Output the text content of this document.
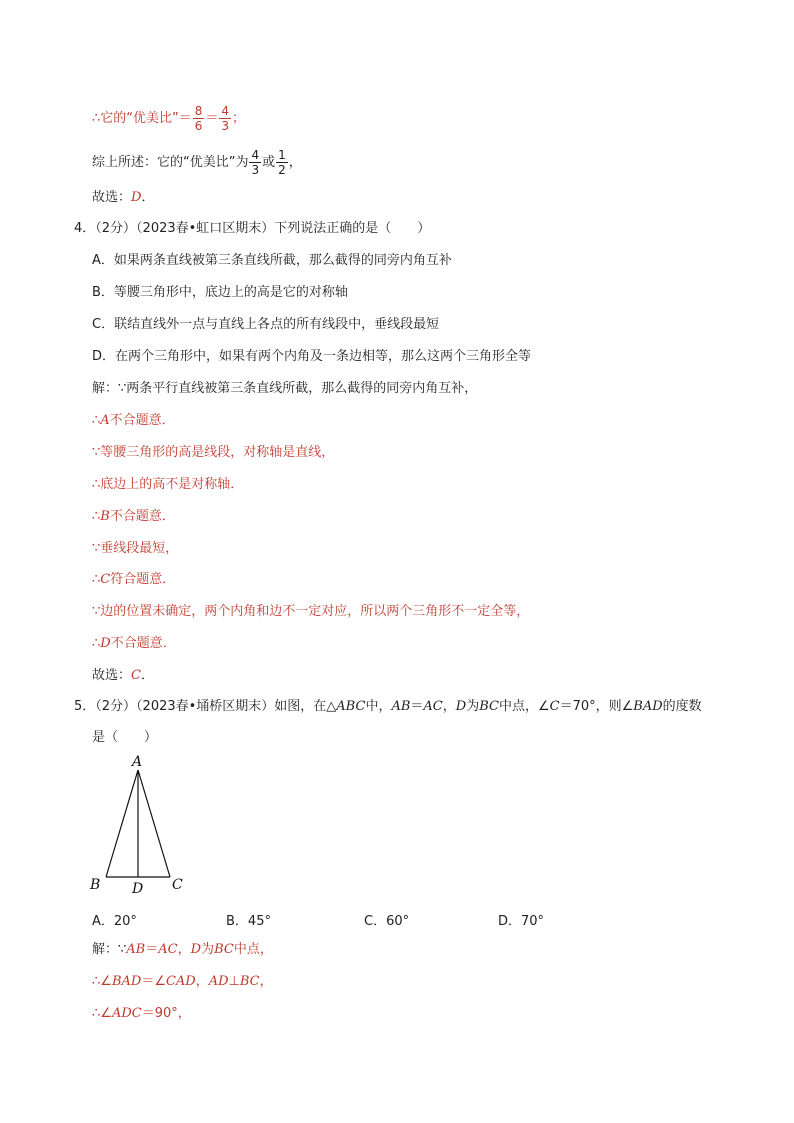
∴它的“优美比”＝ $\frac{8}{6} = \frac{4}{3}$ ；
综上所述：它的“优美比”为 $\frac{4}{3}$ 或 $\frac{1}{2}$ ，
故选：D．
4．（2分）（2023春•虹口区期末）下列说法正确的是（　　）
A．如果两条直线被第三条直线所截，那么截得的同旁内角互补
B．等腰三角形中，底边上的高是它的对称轴
C．联结直线外一点与直线上各点的所有线段中，垂线段最短
D．在两个三角形中，如果有两个内角及一条边相等，那么这两个三角形全等
解：∵两条平行直线被第三条直线所截，那么截得的同旁内角互补，
∴A不合题意．
∵等腰三角形的高是线段，对称轴是直线，
∴底边上的高不是对称轴．
∴B不合题意．
∵垂线段最短，
∴C符合题意．
∵边的位置未确定，两个内角和边不一定对应，所以两个三角形不一定全等，
∴D不合题意．
故选：C．
5．（2分）（2023春•埇桥区期末）如图，在△ABC中，AB＝AC，D为BC中点，∠C＝70°，则∠BAD的度数
是（　　）
A
B D C
A．20°	B．45°	C．60°	D．70°
解：∵AB＝AC，D为BC中点，
∴∠BAD＝∠CAD，AD⊥BC，
∴∠ADC＝90°，
